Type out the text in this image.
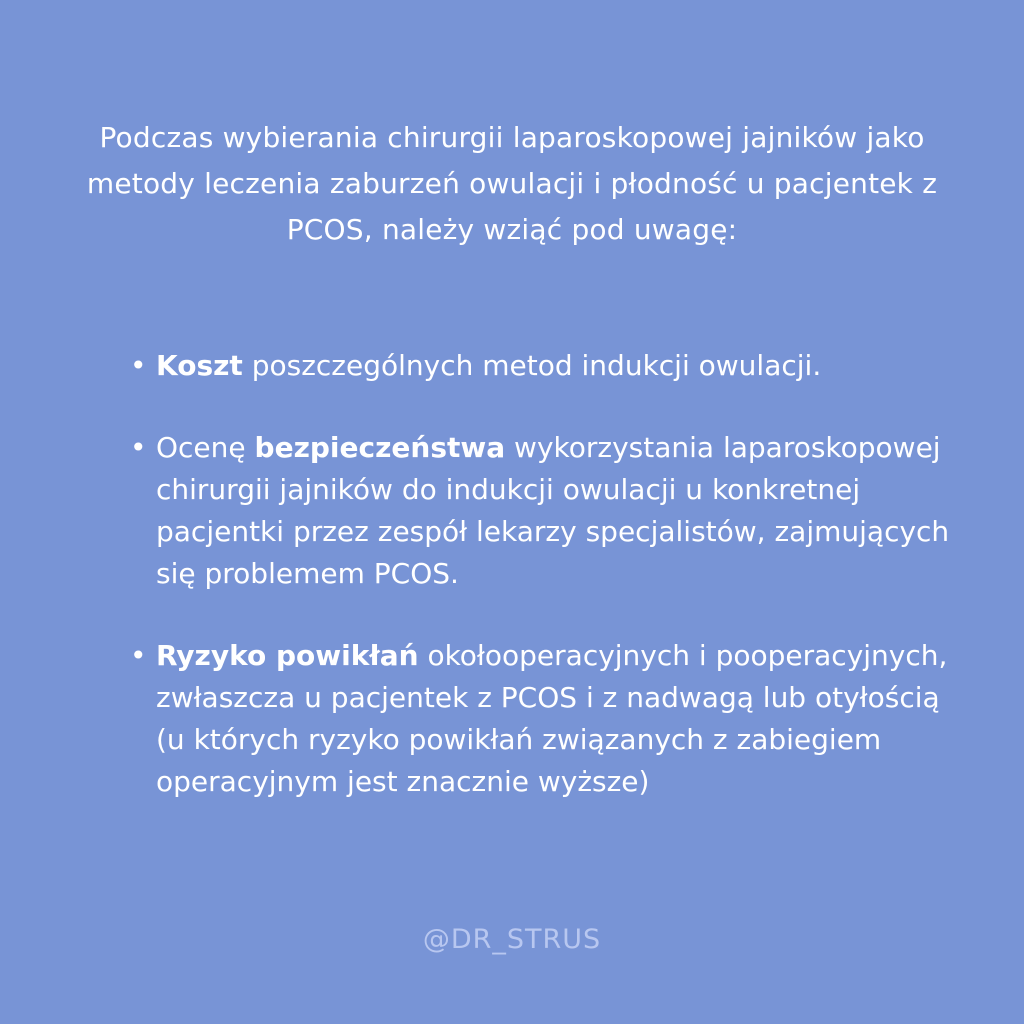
Podczas wybierania chirurgii laparoskopowej jajników jako metody leczenia zaburzeń owulacji i płodność u pacjentek z PCOS, należy wziąć pod uwagę:

• Koszt poszczególnych metod indukcji owulacji.
• Ocenę bezpieczeństwa wykorzystania laparoskopowej chirurgii jajników do indukcji owulacji u konkretnej pacjentki przez zespół lekarzy specjalistów, zajmujących się problemem PCOS.
• Ryzyko powikłań okołooperacyjnych i pooperacyjnych, zwłaszcza u pacjentek z PCOS i z nadwagą lub otyłością (u których ryzyko powikłań związanych z zabiegiem operacyjnym jest znacznie wyższe)
@DR_STRUS
